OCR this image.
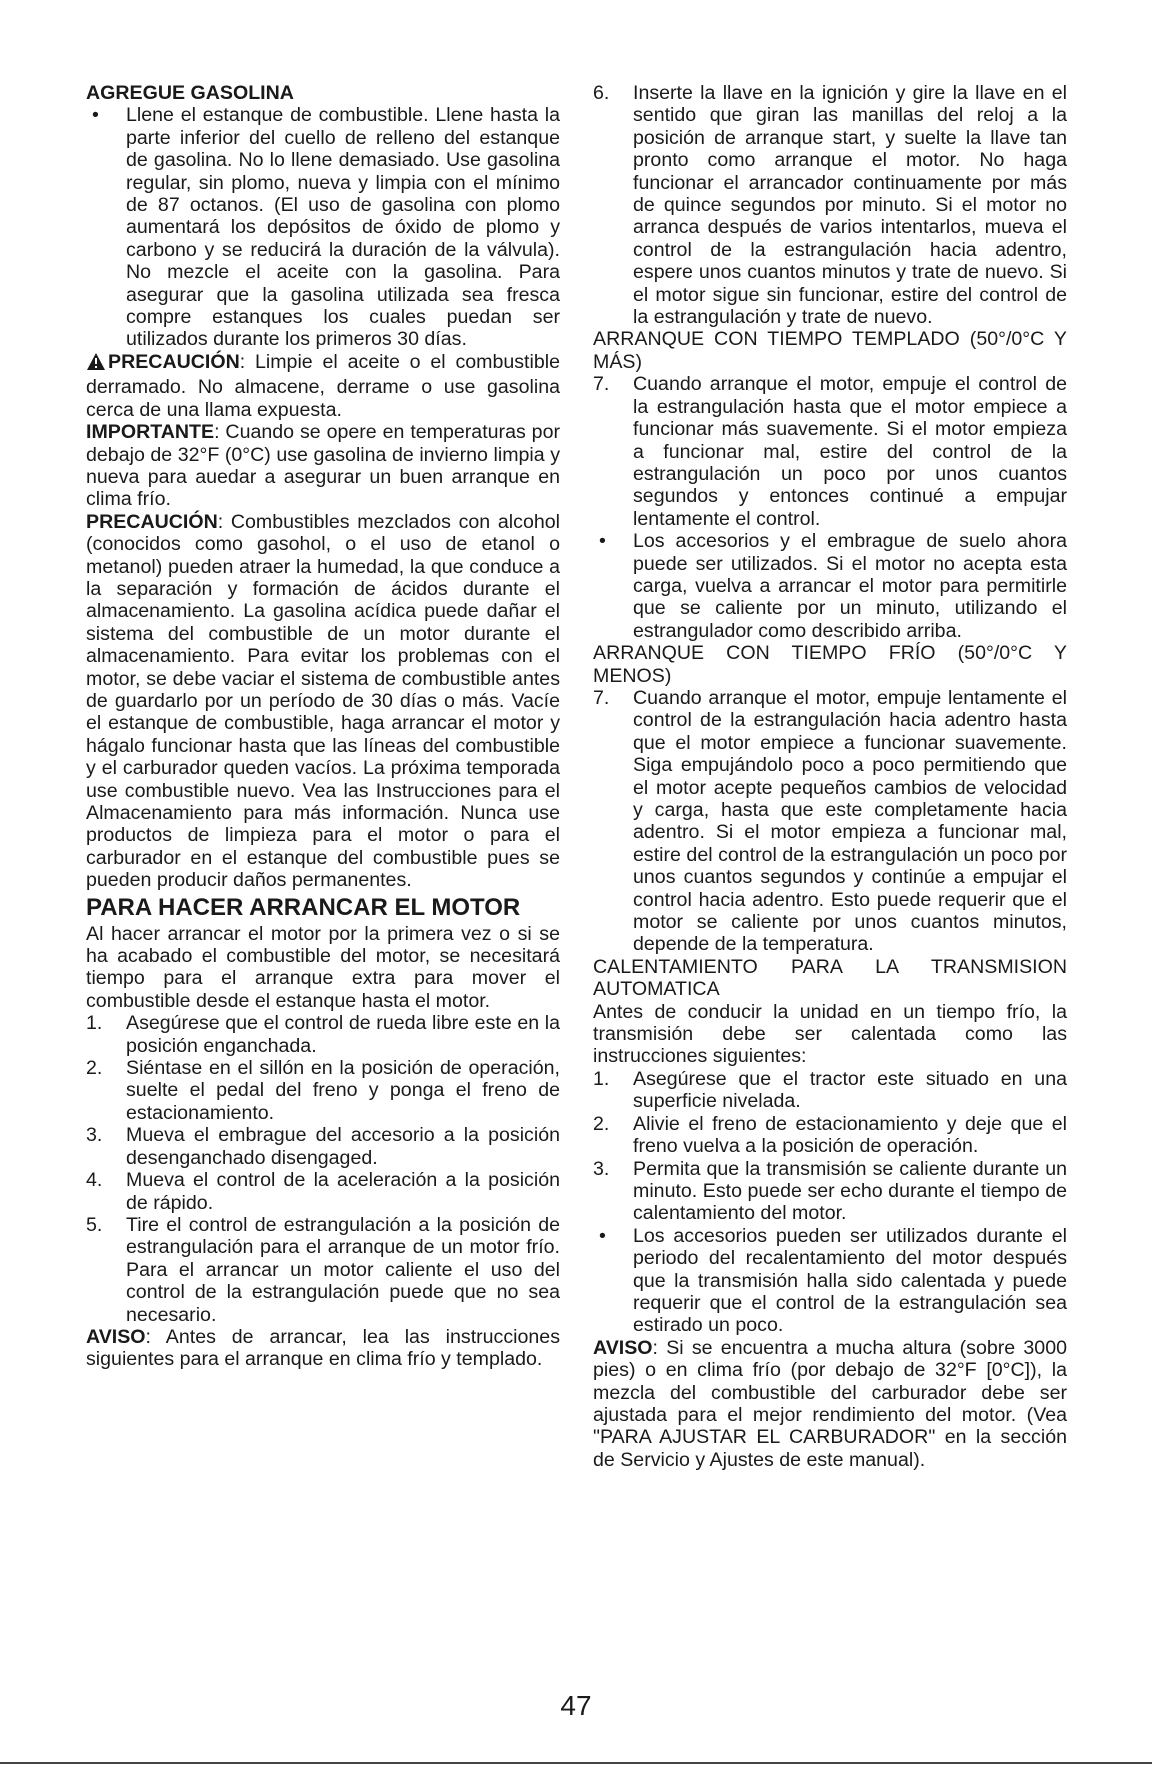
AGREGUE GASOLINA

• Llene el estanque de combustible. Llene hasta la parte inferior del cuello de relleno del estanque de gasolina. No lo llene demasiado. Use gasolina regular, sin plomo, nueva y limpia con el mínimo de 87 octanos. (El uso de gasolina con plomo aumentará los depósitos de óxido de plomo y carbono y se reducirá la duración de la válvula). No mezcle el aceite con la gasolina. Para asegurar que la gasolina utilizada sea fresca compre estanques los cuales puedan ser utilizados durante los primeros 30 días.

PRECAUCIÓN: Limpie el aceite o el combustible derramado. No almacene, derrame o use gasolina cerca de una llama expuesta.

IMPORTANTE: Cuando se opere en temperaturas por debajo de 32°F (0°C) use gasolina de invierno limpia y nueva para auedar a asegurar un buen arranque en clima frío.

PRECAUCIÓN: Combustibles mezclados con alcohol (conocidos como gasohol, o el uso de etanol o metanol) pueden atraer la humedad, la que conduce a la separación y formación de ácidos durante el almacenamiento. La gasolina acídica puede dañar el sistema del combustible de un motor durante el almacenamiento. Para evitar los problemas con el motor, se debe vaciar el sistema de combustible antes de guardarlo por un período de 30 días o más. Vacíe el estanque de combustible, haga arrancar el motor y hágalo funcionar hasta que las líneas del combustible y el carburador queden vacíos. La próxima temporada use combustible nuevo. Vea las Instrucciones para el Almacenamiento para más información. Nunca use productos de limpieza para el motor o para el carburador en el estanque del combustible pues se pueden producir daños permanentes.

PARA HACER ARRANCAR EL MOTOR

Al hacer arrancar el motor por la primera vez o si se ha acabado el combustible del motor, se necesitará tiempo para el arranque extra para mover el combustible desde el estanque hasta el motor.

1. Asegúrese que el control de rueda libre este en la posición enganchada.
2. Siéntase en el sillón en la posición de operación, suelte el pedal del freno y ponga el freno de estacionamiento.
3. Mueva el embrague del accesorio a la posición desenganchado disengaged.
4. Mueva el control de la aceleración a la posición de rápido.
5. Tire el control de estrangulación a la posición de estrangulación para el arranque de un motor frío. Para el arrancar un motor caliente el uso del control de la estrangulación puede que no sea necesario.

AVISO: Antes de arrancar, lea las instrucciones siguientes para el arranque en clima frío y templado.

6. Inserte la llave en la ignición y gire la llave en el sentido que giran las manillas del reloj a la posición de arranque start, y suelte la llave tan pronto como arranque el motor. No haga funcionar el arrancador continuamente por más de quince segundos por minuto. Si el motor no arranca después de varios intentarlos, mueva el control de la estrangulación hacia adentro, espere unos cuantos minutos y trate de nuevo. Si el motor sigue sin funcionar, estire del control de la estrangulación y trate de nuevo.

ARRANQUE CON TIEMPO TEMPLADO (50°/0°C Y MÁS)

7. Cuando arranque el motor, empuje el control de la estrangulación hasta que el motor empiece a funcionar más suavemente. Si el motor empieza a funcionar mal, estire del control de la estrangulación un poco por unos cuantos segundos y entonces continué a empujar lentamente el control.
• Los accesorios y el embrague de suelo ahora puede ser utilizados. Si el motor no acepta esta carga, vuelva a arrancar el motor para permitirle que se caliente por un minuto, utilizando el estrangulador como describido arriba.

ARRANQUE CON TIEMPO FRÍO (50°/0°C Y MENOS)

7. Cuando arranque el motor, empuje lentamente el control de la estrangulación hacia adentro hasta que el motor empiece a funcionar suavemente. Siga empujándolo poco a poco permitiendo que el motor acepte pequeños cambios de velocidad y carga, hasta que este completamente hacia adentro. Si el motor empieza a funcionar mal, estire del control de la estrangulación un poco por unos cuantos segundos y continúe a empujar el control hacia adentro. Esto puede requerir que el motor se caliente por unos cuantos minutos, depende de la temperatura.

CALENTAMIENTO PARA LA TRANSMISION AUTOMATICA

Antes de conducir la unidad en un tiempo frío, la transmisión debe ser calentada como las instrucciones siguientes:

1. Asegúrese que el tractor este situado en una superficie nivelada.
2. Alivie el freno de estacionamiento y deje que el freno vuelva a la posición de operación.
3. Permita que la transmisión se caliente durante un minuto. Esto puede ser echo durante el tiempo de calentamiento del motor.
• Los accesorios pueden ser utilizados durante el periodo del recalentamiento del motor después que la transmisión halla sido calentada y puede requerir que el control de la estrangulación sea estirado un poco.

AVISO: Si se encuentra a mucha altura (sobre 3000 pies) o en clima frío (por debajo de 32°F [0°C]), la mezcla del combustible del carburador debe ser ajustada para el mejor rendimiento del motor. (Vea "PARA AJUSTAR EL CARBURADOR" en la sección de Servicio y Ajustes de este manual).

47
